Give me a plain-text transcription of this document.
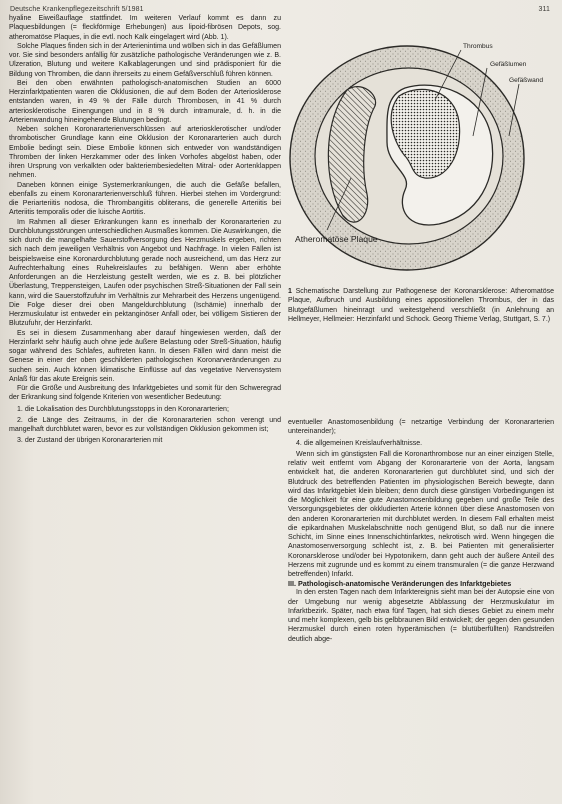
Deutsche Krankenpflegezeitschrift 5/1981	311

hyaline Eiweißauflage stattfindet. Im weiteren Verlauf kommt es dann zu Plaquesbildungen (= fleckförmige Erhebungen) aus lipoid-fibrösen Depots, sog. atheromatöse Plaques, in die evtl. noch Kalk eingelagert wird (Abb. 1).

Solche Plaques finden sich in der Arterienintima und wölben sich in das Gefäßlumen vor. Sie sind besonders anfällig für zusätzliche pathologische Veränderungen wie z. B. Ulzeration, Blutung und weitere Kalkablagerungen und sind prädisponiert für die Bildung von Thromben, die dann ihrerseits zu einem Gefäßverschluß führen können.

Bei den oben erwähnten pathologisch-anatomischen Studien an 6000 Herzinfarktpatienten waren die Okklusionen, die auf dem Boden der Arteriosklerose entstanden waren, in 49 % der Fälle durch Thrombosen, in 41 % durch arteriosklerotische Einengungen und in 8 % durch intramurale, d. h. in die Arterienwandung hineingehende Blutungen bedingt.

Neben solchen Koronararterienverschlüssen auf arteriosklerotischer und/oder thrombotischer Grundlage kann eine Okklusion der Koronararterien auch durch Embolie bedingt sein. Diese Embolie können sich entweder von wandständigen Thromben der linken Herzkammer oder des linken Vorhofes abgelöst haben, oder ihren Ursprung von verkalkten oder bakteriembesiedelten Mitral- oder Aortenklappen nehmen.

Daneben können einige Systemerkrankungen, die auch die Gefäße befallen, ebenfalls zu einem Koronararterienverschluß führen. Hierbei stehen im Vordergrund: die Periarteriitis nodosa, die Thrombangiitis obliterans, die generelle Arteriitis bei Arteriitis temporalis oder die luische Aortitis.

Im Rahmen all dieser Erkrankungen kann es innerhalb der Koronararterien zu Durchblutungsstörungen unterschiedlichen Ausmaßes kommen. Die Auswirkungen, die sich durch die mangelhafte Sauerstoffversorgung des Herzmuskels ergeben, richten sich nach dem jeweiligen Verhältnis von Angebot und Nachfrage. In vielen Fällen ist beispielsweise eine Koronardurchblutung gerade noch ausreichend, um das Herz zur Aufrechterhaltung eines Ruhekreislaufes zu befähigen. Wenn aber erhöhte Anforderungen an die Herzleistung gestellt werden, wie es z. B. bei plötzlicher Überlastung, Treppensteigen, Laufen oder psychischen Streß-Situationen der Fall sein kann, wird die Sauerstoffzufuhr im Verhältnis zur Mehrarbeit des Herzens ungenügend. Die Folge dieser drei oben Mangeldurchblutung (Ischämie) innerhalb der Herzmuskulatur ist entweder ein pektanginöser Anfall oder, bei völligem Sistieren der Blutzufuhr, der Herzinfarkt.

Es sei in diesem Zusammenhang aber darauf hingewiesen werden, daß der Herzinfarkt sehr häufig auch ohne jede äußere Belastung oder Streß-Situation, häufig sogar während des Schlafes, auftreten kann. In diesen Fällen wird dann meist die Genese in einer der oben geschilderten pathologischen Koronarveränderungen zu suchen sein. Auch können klimatische Einflüsse auf das vegetative Nervensystem Anlaß für das akute Ereignis sein.

Für die Größe und Ausbreitung des Infarktgebietes und somit für den Schweregrad der Erkrankung sind folgende Kriterien von wesentlicher Bedeutung:

1. die Lokalisation des Durchblutungsstopps in den Koronararterien;

2. die Länge des Zeitraums, in der die Koronararterien schon verengt und mangelhaft durchblutet waren, bevor es zur vollständigen Okklusion gekommen ist;

3. der Zustand der übrigen Koronararterien mit

Thrombus
Gefäßlumen
Gefäßwand
Atheromatöse Plaque
1 Schematische Darstellung zur Pathogenese der Koronarsklerose: Atheromatöse Plaque, Aufbruch und Ausbildung eines appositionellen Thrombus, der in das Blutgefäßlumen hineinragt und weitestgehend verschließt (in Anlehnung an Hellmeyer, Hellmeier: Herzinfarkt und Schock. Georg Thieme Verlag, Stuttgart, S. 7.)

eventueller Anastomosenbildung (= netzartige Verbindung der Koronararterien untereinander);

4. die allgemeinen Kreislaufverhältnisse.

Wenn sich im günstigsten Fall die Koronarthrombose nur an einer einzigen Stelle, relativ weit entfernt vom Abgang der Koronararterie von der Aorta, langsam entwickelt hat, die anderen Koronararterien gut durchblutet sind, und sich der Blutdruck des betreffenden Patienten im physiologischen Bereich bewegte, dann wird das Infarktgebiet klein bleiben; denn durch diese günstigen Vorbedingungen ist die Möglichkeit für eine gute Anastomosenbildung gegeben und große Teile des Versorgungsgebietes der okkludierten Arterie können über diese Anastomosen von den anderen Koronararterien mit durchblutet werden. In diesem Fall erhalten meist die epikardnahen Muskelabschnitte noch genügend Blut, so daß nur die innere Schicht, im Sinne eines Innenschichtinfarktes, nekrotisch wird. Wenn hingegen die Anastomosenversorgung schlecht ist, z. B. bei Patienten mit generalisierter Koronarsklerose und/oder bei Hypotonikern, dann geht auch der äußere Anteil des Herzens mit zugrunde und es kommt zu einem transmuralen (= die ganze Herzwand betreffenden) Infarkt.

III. Pathologisch-anatomische Veränderungen des Infarktgebietes

In den ersten Tagen nach dem Infarktereignis sieht man bei der Autopsie eine von der Umgebung nur wenig abgesetzte Abblassung der Herzmuskulatur im Infarktbezirk. Später, nach etwa fünf Tagen, hat sich dieses Gebiet zu einem mehr und mehr komplexen, gelb bis gelbbraunen Bild entwickelt; der gegen den gesunden Herzmuskel durch einen roten hyperämischen (= blutüberfüllten) Randstreifen deutlich abge-
